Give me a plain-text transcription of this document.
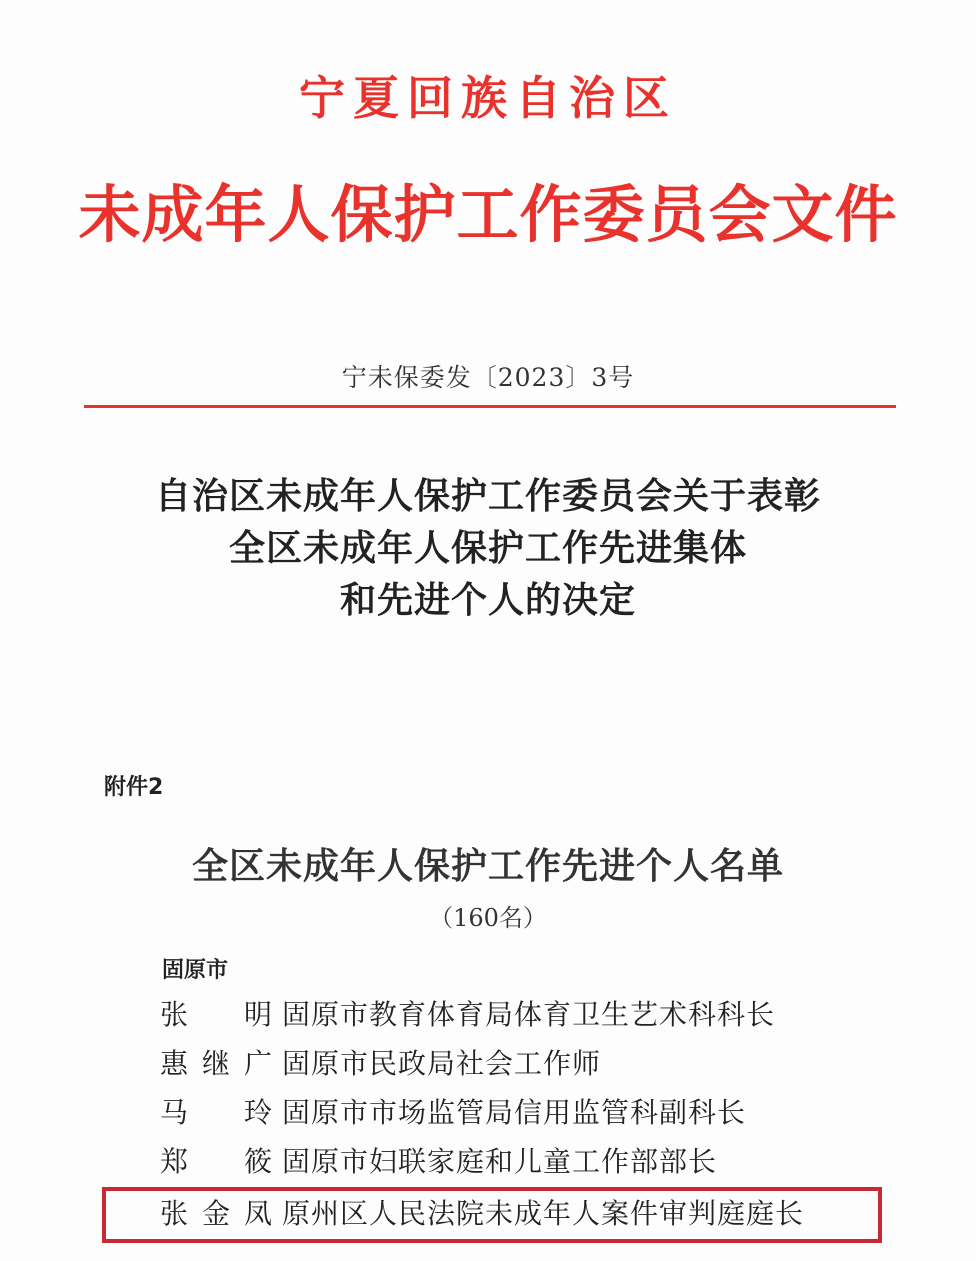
宁夏回族自治区
未成年人保护工作委员会文件
宁未保委发〔2023〕3号
自治区未成年人保护工作委员会关于表彰
全区未成年人保护工作先进集体
和先进个人的决定
附件2
全区未成年人保护工作先进个人名单
（160名）
固原市
张明 固原市教育体育局体育卫生艺术科科长
惠继广 固原市民政局社会工作师
马玲 固原市市场监管局信用监管科副科长
郑筱 固原市妇联家庭和儿童工作部部长
张金凤 原州区人民法院未成年人案件审判庭庭长
